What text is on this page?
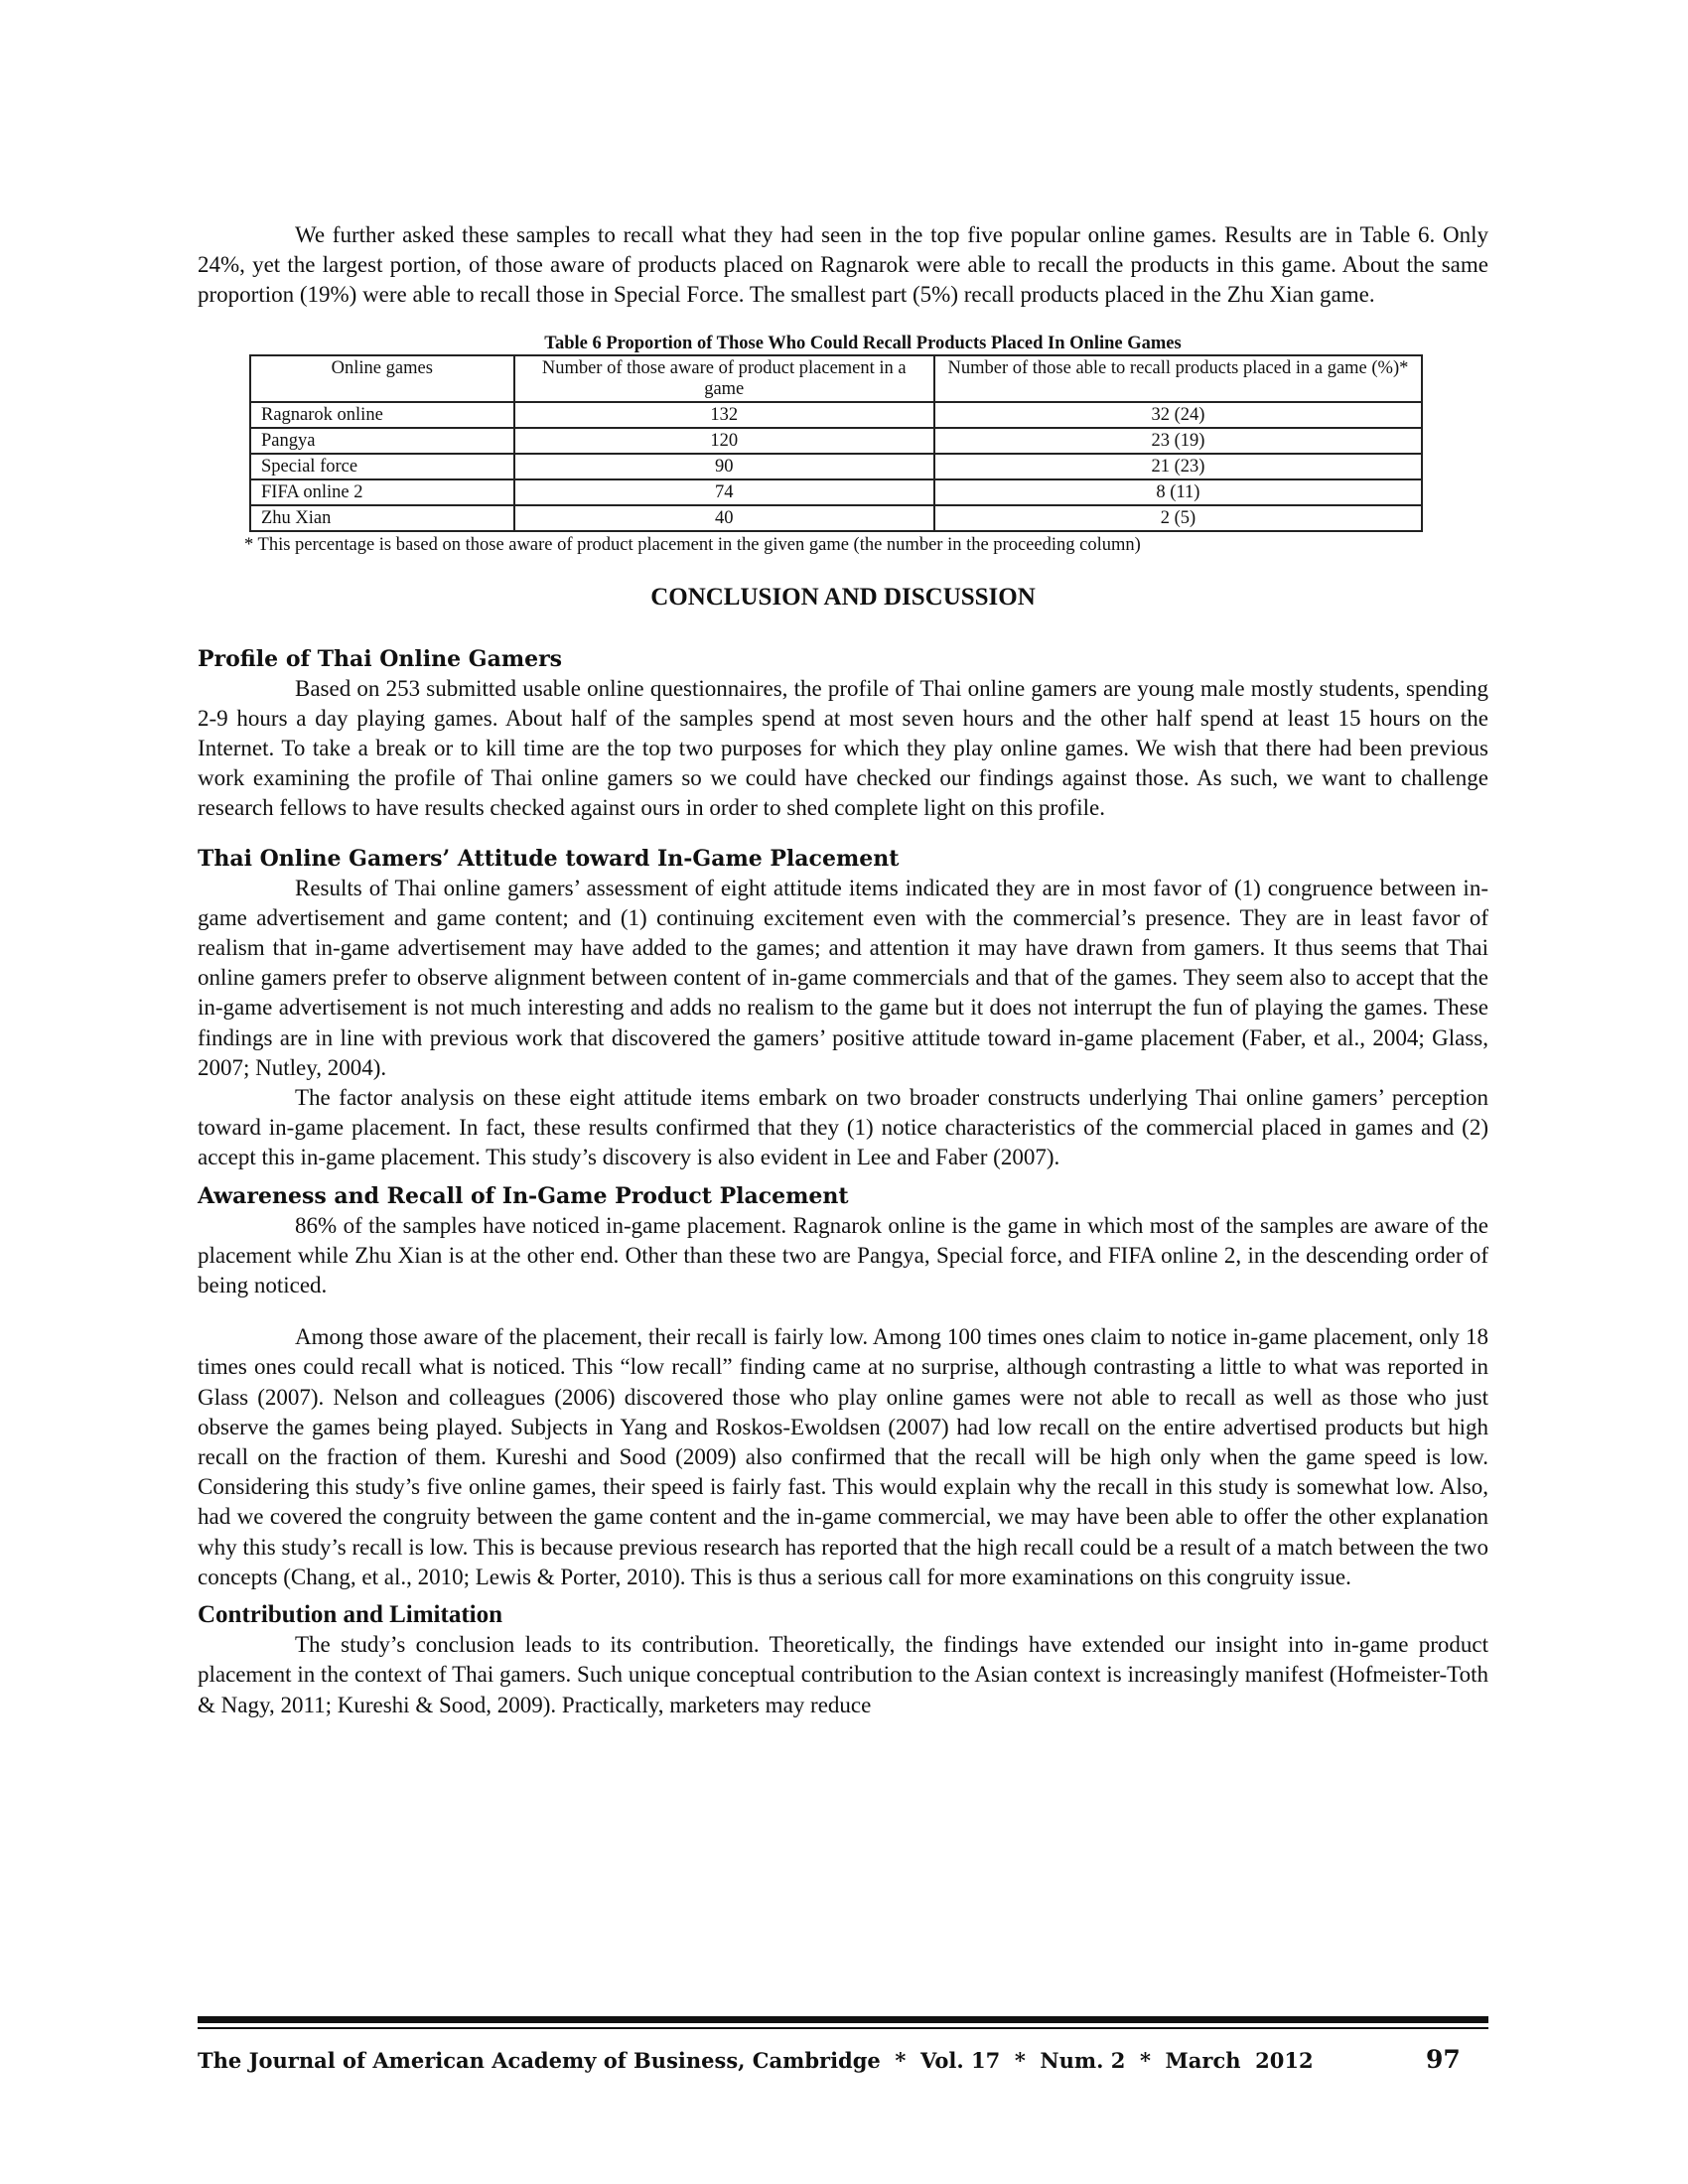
We further asked these samples to recall what they had seen in the top five popular online games. Results are in Table 6. Only 24%, yet the largest portion, of those aware of products placed on Ragnarok were able to recall the products in this game. About the same proportion (19%) were able to recall those in Special Force. The smallest part (5%) recall products placed in the Zhu Xian game.

Table 6 Proportion of Those Who Could Recall Products Placed In Online Games
Online games	Number of those aware of product placement in a game	Number of those able to recall products placed in a game (%)*
Ragnarok online	132	32 (24)
Pangya	120	23 (19)
Special force	90	21 (23)
FIFA online 2	74	8 (11)
Zhu Xian	40	2 (5)
* This percentage is based on those aware of product placement in the given game (the number in the proceeding column)
CONCLUSION AND DISCUSSION
Profile of Thai Online Gamers

Based on 253 submitted usable online questionnaires, the profile of Thai online gamers are young male mostly students, spending 2-9 hours a day playing games. About half of the samples spend at most seven hours and the other half spend at least 15 hours on the Internet. To take a break or to kill time are the top two purposes for which they play online games. We wish that there had been previous work examining the profile of Thai online gamers so we could have checked our findings against those. As such, we want to challenge research fellows to have results checked against ours in order to shed complete light on this profile.

Thai Online Gamers’ Attitude toward In-Game Placement

Results of Thai online gamers’ assessment of eight attitude items indicated they are in most favor of (1) congruence between in-game advertisement and game content; and (1) continuing excitement even with the commercial’s presence. They are in least favor of realism that in-game advertisement may have added to the games; and attention it may have drawn from gamers. It thus seems that Thai online gamers prefer to observe alignment between content of in-game commercials and that of the games. They seem also to accept that the in-game advertisement is not much interesting and adds no realism to the game but it does not interrupt the fun of playing the games. These findings are in line with previous work that discovered the gamers’ positive attitude toward in-game placement (Faber, et al., 2004; Glass, 2007; Nutley, 2004).

The factor analysis on these eight attitude items embark on two broader constructs underlying Thai online gamers’ perception toward in-game placement. In fact, these results confirmed that they (1) notice characteristics of the commercial placed in games and (2) accept this in-game placement. This study’s discovery is also evident in Lee and Faber (2007).

Awareness and Recall of In-Game Product Placement

86% of the samples have noticed in-game placement. Ragnarok online is the game in which most of the samples are aware of the placement while Zhu Xian is at the other end. Other than these two are Pangya, Special force, and FIFA online 2, in the descending order of being noticed.

Among those aware of the placement, their recall is fairly low. Among 100 times ones claim to notice in-game placement, only 18 times ones could recall what is noticed. This “low recall” finding came at no surprise, although contrasting a little to what was reported in Glass (2007). Nelson and colleagues (2006) discovered those who play online games were not able to recall as well as those who just observe the games being played. Subjects in Yang and Roskos-Ewoldsen (2007) had low recall on the entire advertised products but high recall on the fraction of them. Kureshi and Sood (2009) also confirmed that the recall will be high only when the game speed is low. Considering this study’s five online games, their speed is fairly fast. This would explain why the recall in this study is somewhat low. Also, had we covered the congruity between the game content and the in-game commercial, we may have been able to offer the other explanation why this study’s recall is low. This is because previous research has reported that the high recall could be a result of a match between the two concepts (Chang, et al., 2010; Lewis & Porter, 2010). This is thus a serious call for more examinations on this congruity issue.

Contribution and Limitation

The study’s conclusion leads to its contribution. Theoretically, the findings have extended our insight into in-game product placement in the context of Thai gamers. Such unique conceptual contribution to the Asian context is increasingly manifest (Hofmeister-Toth & Nagy, 2011; Kureshi & Sood, 2009). Practically, marketers may reduce

The Journal of American Academy of Business, Cambridge  *  Vol. 17  *  Num. 2  *  March  2012	97
